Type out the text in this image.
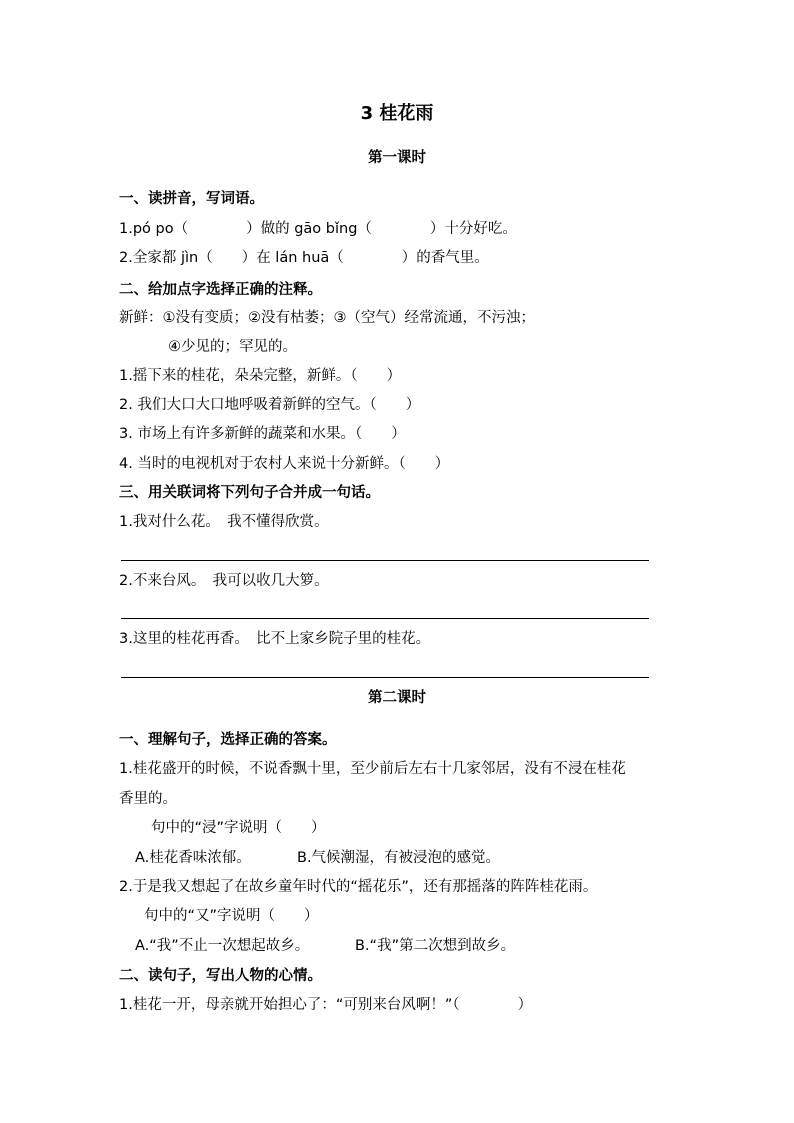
3 桂花雨
第一课时
一、读拼音，写词语。
1.pó po（　　　　）做的 gāo bǐng（　　　　）十分好吃。
2.全家都 jìn（　　）在 lán huā（　　　　）的香气里。
二、给加点字选择正确的注释。
新鲜：①没有变质；②没有枯萎；③（空气）经常流通，不污浊；
④少见的；罕见的。
1.摇下来的桂花，朵朵完整，新鲜。（　　）
2. 我们大口大口地呼吸着新鲜的空气。（　　）
3. 市场上有许多新鲜的蔬菜和水果。（　　）
4. 当时的电视机对于农村人来说十分新鲜。（　　）
三、用关联词将下列句子合并成一句话。
1.我对什么花。　我不懂得欣赏。
2.不来台风。　我可以收几大箩。
3.这里的桂花再香。　比不上家乡院子里的桂花。
第二课时
一、理解句子，选择正确的答案。
1.桂花盛开的时候，不说香飘十里，至少前后左右十几家邻居，没有不浸在桂花
香里的。
句中的“浸”字说明（　　）
A.桂花香味浓郁。	B.气候潮湿，有被浸泡的感觉。
2.于是我又想起了在故乡童年时代的“摇花乐”，还有那摇落的阵阵桂花雨。
句中的“又”字说明（　　）
A.“我”不止一次想起故乡。	B.“我”第二次想到故乡。
二、读句子，写出人物的心情。
1.桂花一开，母亲就开始担心了：“可别来台风啊！”（　　　　）
